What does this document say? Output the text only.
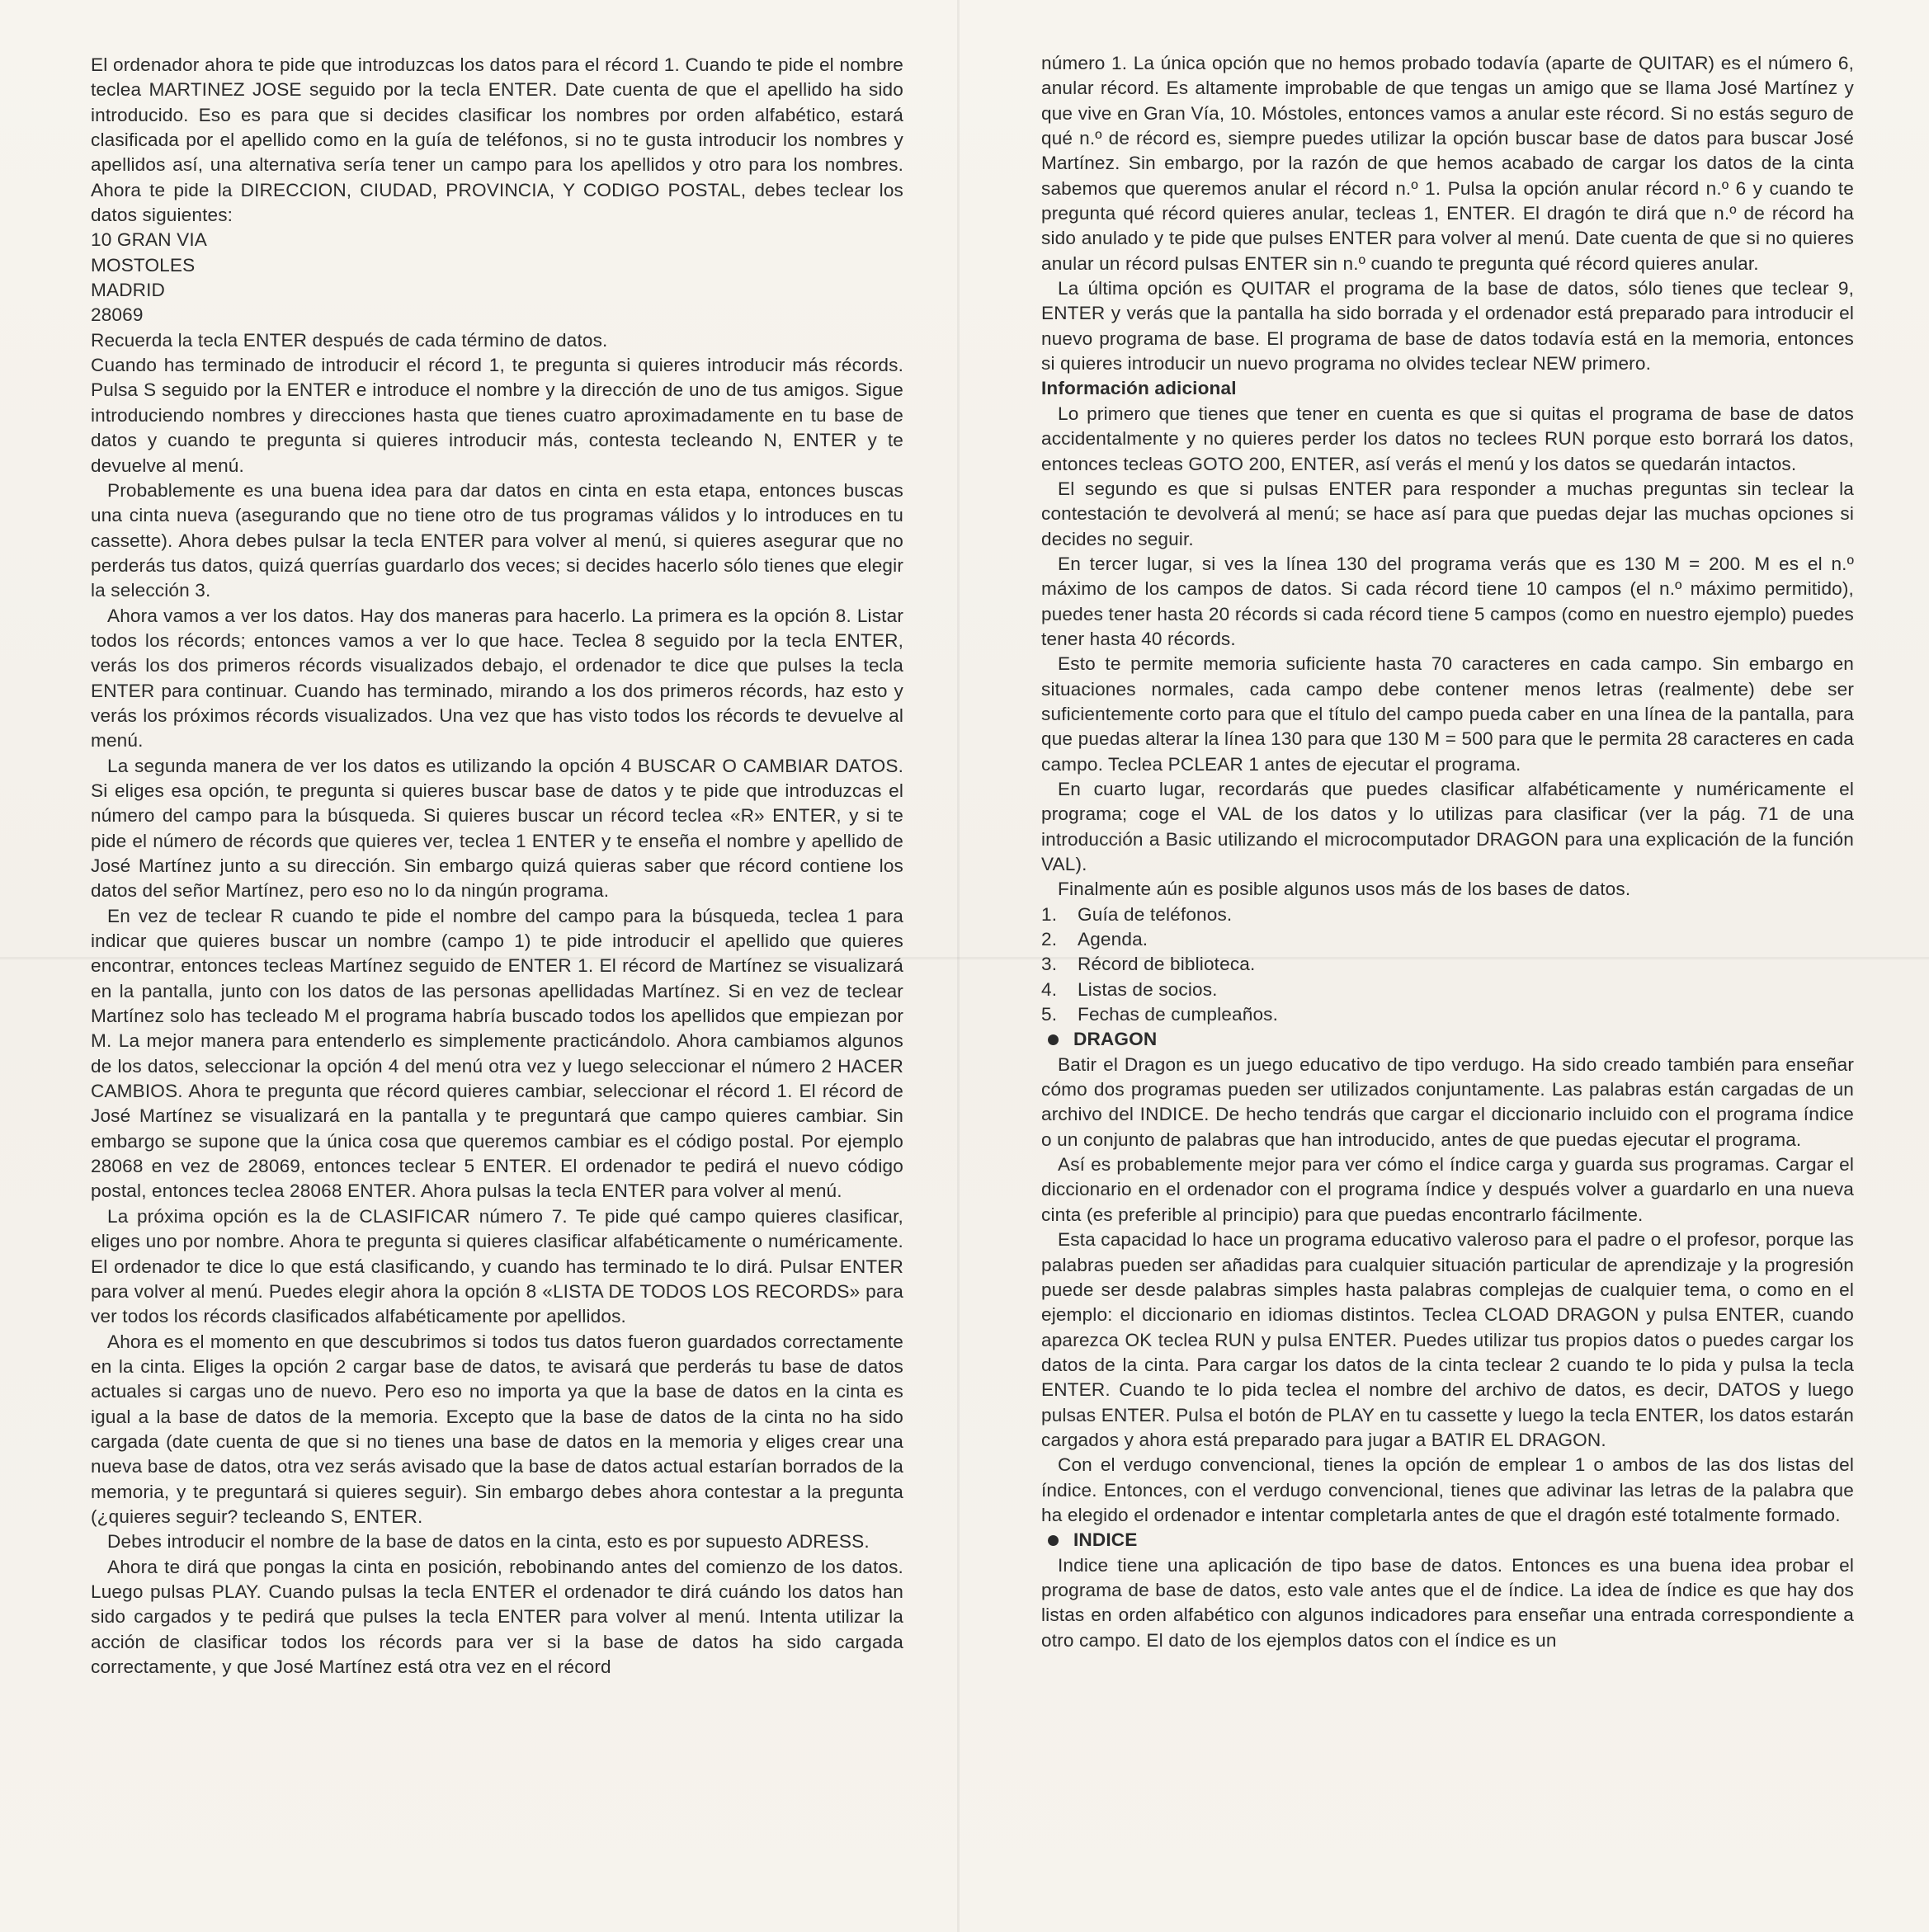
El ordenador ahora te pide que introduzcas los datos para el récord 1. Cuando te pide el nombre teclea MARTINEZ JOSE seguido por la tecla ENTER. Date cuenta de que el apellido ha sido introducido. Eso es para que si decides clasificar los nombres por orden alfabético, estará clasificada por el apellido como en la guía de teléfonos, si no te gusta introducir los nombres y apellidos así, una alternativa sería tener un campo para los apellidos y otro para los nombres. Ahora te pide la DIRECCION, CIUDAD, PROVINCIA, Y CODIGO POSTAL, debes teclear los datos siguientes:

10 GRAN VIA

MOSTOLES

MADRID

28069

Recuerda la tecla ENTER después de cada término de datos.

Cuando has terminado de introducir el récord 1, te pregunta si quieres introducir más récords. Pulsa S seguido por la ENTER e introduce el nombre y la dirección de uno de tus amigos. Sigue introduciendo nombres y direcciones hasta que tienes cuatro aproximadamente en tu base de datos y cuando te pregunta si quieres introducir más, contesta tecleando N, ENTER y te devuelve al menú.

Probablemente es una buena idea para dar datos en cinta en esta etapa, entonces buscas una cinta nueva (asegurando que no tiene otro de tus programas válidos y lo introduces en tu cassette). Ahora debes pulsar la tecla ENTER para volver al menú, si quieres asegurar que no perderás tus datos, quizá querrías guardarlo dos veces; si decides hacerlo sólo tienes que elegir la selección 3.

Ahora vamos a ver los datos. Hay dos maneras para hacerlo. La primera es la opción 8. Listar todos los récords; entonces vamos a ver lo que hace. Teclea 8 seguido por la tecla ENTER, verás los dos primeros récords visualizados debajo, el ordenador te dice que pulses la tecla ENTER para continuar. Cuando has terminado, mirando a los dos primeros récords, haz esto y verás los próximos récords visualizados. Una vez que has visto todos los récords te devuelve al menú.

La segunda manera de ver los datos es utilizando la opción 4 BUSCAR O CAMBIAR DATOS. Si eliges esa opción, te pregunta si quieres buscar base de datos y te pide que introduzcas el número del campo para la búsqueda. Si quieres buscar un récord teclea «R» ENTER, y si te pide el número de récords que quieres ver, teclea 1 ENTER y te enseña el nombre y apellido de José Martínez junto a su dirección. Sin embargo quizá quieras saber que récord contiene los datos del señor Martínez, pero eso no lo da ningún programa.

En vez de teclear R cuando te pide el nombre del campo para la búsqueda, teclea 1 para indicar que quieres buscar un nombre (campo 1) te pide introducir el apellido que quieres encontrar, entonces tecleas Martínez seguido de ENTER 1. El récord de Martínez se visualizará en la pantalla, junto con los datos de las personas apellidadas Martínez. Si en vez de teclear Martínez solo has tecleado M el programa habría buscado todos los apellidos que empiezan por M. La mejor manera para entenderlo es simplemente practicándolo. Ahora cambiamos algunos de los datos, seleccionar la opción 4 del menú otra vez y luego seleccionar el número 2 HACER CAMBIOS. Ahora te pregunta que récord quieres cambiar, seleccionar el récord 1. El récord de José Martínez se visualizará en la pantalla y te preguntará que campo quieres cambiar. Sin embargo se supone que la única cosa que queremos cambiar es el código postal. Por ejemplo 28068 en vez de 28069, entonces teclear 5 ENTER. El ordenador te pedirá el nuevo código postal, entonces teclea 28068 ENTER. Ahora pulsas la tecla ENTER para volver al menú.

La próxima opción es la de CLASIFICAR número 7. Te pide qué campo quieres clasificar, eliges uno por nombre. Ahora te pregunta si quieres clasificar alfabéticamente o numéricamente. El ordenador te dice lo que está clasificando, y cuando has terminado te lo dirá. Pulsar ENTER para volver al menú. Puedes elegir ahora la opción 8 «LISTA DE TODOS LOS RECORDS» para ver todos los récords clasificados alfabéticamente por apellidos.

Ahora es el momento en que descubrimos si todos tus datos fueron guardados correctamente en la cinta. Eliges la opción 2 cargar base de datos, te avisará que perderás tu base de datos actuales si cargas uno de nuevo. Pero eso no importa ya que la base de datos en la cinta es igual a la base de datos de la memoria. Excepto que la base de datos de la cinta no ha sido cargada (date cuenta de que si no tienes una base de datos en la memoria y eliges crear una nueva base de datos, otra vez serás avisado que la base de datos actual estarían borrados de la memoria, y te preguntará si quieres seguir). Sin embargo debes ahora contestar a la pregunta (¿quieres seguir? tecleando S, ENTER.

Debes introducir el nombre de la base de datos en la cinta, esto es por supuesto ADRESS.

Ahora te dirá que pongas la cinta en posición, rebobinando antes del comienzo de los datos. Luego pulsas PLAY. Cuando pulsas la tecla ENTER el ordenador te dirá cuándo los datos han sido cargados y te pedirá que pulses la tecla ENTER para volver al menú. Intenta utilizar la acción de clasificar todos los récords para ver si la base de datos ha sido cargada correctamente, y que José Martínez está otra vez en el récord

número 1. La única opción que no hemos probado todavía (aparte de QUITAR) es el número 6, anular récord. Es altamente improbable de que tengas un amigo que se llama José Martínez y que vive en Gran Vía, 10. Móstoles, entonces vamos a anular este récord. Si no estás seguro de qué n.º de récord es, siempre puedes utilizar la opción buscar base de datos para buscar José Martínez. Sin embargo, por la razón de que hemos acabado de cargar los datos de la cinta sabemos que queremos anular el récord n.º 1. Pulsa la opción anular récord n.º 6 y cuando te pregunta qué récord quieres anular, tecleas 1, ENTER. El dragón te dirá que n.º de récord ha sido anulado y te pide que pulses ENTER para volver al menú. Date cuenta de que si no quieres anular un récord pulsas ENTER sin n.º cuando te pregunta qué récord quieres anular.

La última opción es QUITAR el programa de la base de datos, sólo tienes que teclear 9, ENTER y verás que la pantalla ha sido borrada y el ordenador está preparado para introducir el nuevo programa de base. El programa de base de datos todavía está en la memoria, entonces si quieres introducir un nuevo programa no olvides teclear NEW primero.

Información adicional

Lo primero que tienes que tener en cuenta es que si quitas el programa de base de datos accidentalmente y no quieres perder los datos no teclees RUN porque esto borrará los datos, entonces tecleas GOTO 200, ENTER, así verás el menú y los datos se quedarán intactos.

El segundo es que si pulsas ENTER para responder a muchas preguntas sin teclear la contestación te devolverá al menú; se hace así para que puedas dejar las muchas opciones si decides no seguir.

En tercer lugar, si ves la línea 130 del programa verás que es 130 M = 200. M es el n.º máximo de los campos de datos. Si cada récord tiene 10 campos (el n.º máximo permitido), puedes tener hasta 20 récords si cada récord tiene 5 campos (como en nuestro ejemplo) puedes tener hasta 40 récords.

Esto te permite memoria suficiente hasta 70 caracteres en cada campo. Sin embargo en situaciones normales, cada campo debe contener menos letras (realmente) debe ser suficientemente corto para que el título del campo pueda caber en una línea de la pantalla, para que puedas alterar la línea 130 para que 130 M = 500 para que le permita 28 caracteres en cada campo. Teclea PCLEAR 1 antes de ejecutar el programa.

En cuarto lugar, recordarás que puedes clasificar alfabéticamente y numéricamente el programa; coge el VAL de los datos y lo utilizas para clasificar (ver la pág. 71 de una introducción a Basic utilizando el microcomputador DRAGON para una explicación de la función VAL).

Finalmente aún es posible algunos usos más de los bases de datos.

1.	Guía de teléfonos.
2.	Agenda.
3.	Récord de biblioteca.
4.	Listas de socios.
5.	Fechas de cumpleaños.

DRAGON

Batir el Dragon es un juego educativo de tipo verdugo. Ha sido creado también para enseñar cómo dos programas pueden ser utilizados conjuntamente. Las palabras están cargadas de un archivo del INDICE. De hecho tendrás que cargar el diccionario incluido con el programa índice o un conjunto de palabras que han introducido, antes de que puedas ejecutar el programa.

Así es probablemente mejor para ver cómo el índice carga y guarda sus programas. Cargar el diccionario en el ordenador con el programa índice y después volver a guardarlo en una nueva cinta (es preferible al principio) para que puedas encontrarlo fácilmente.

Esta capacidad lo hace un programa educativo valeroso para el padre o el profesor, porque las palabras pueden ser añadidas para cualquier situación particular de aprendizaje y la progresión puede ser desde palabras simples hasta palabras complejas de cualquier tema, o como en el ejemplo: el diccionario en idiomas distintos. Teclea CLOAD DRAGON y pulsa ENTER, cuando aparezca OK teclea RUN y pulsa ENTER. Puedes utilizar tus propios datos o puedes cargar los datos de la cinta. Para cargar los datos de la cinta teclear 2 cuando te lo pida y pulsa la tecla ENTER. Cuando te lo pida teclea el nombre del archivo de datos, es decir, DATOS y luego pulsas ENTER. Pulsa el botón de PLAY en tu cassette y luego la tecla ENTER, los datos estarán cargados y ahora está preparado para jugar a BATIR EL DRAGON.

Con el verdugo convencional, tienes la opción de emplear 1 o ambos de las dos listas del índice. Entonces, con el verdugo convencional, tienes que adivinar las letras de la palabra que ha elegido el ordenador e intentar completarla antes de que el dragón esté totalmente formado.

INDICE

Indice tiene una aplicación de tipo base de datos. Entonces es una buena idea probar el programa de base de datos, esto vale antes que el de índice. La idea de índice es que hay dos listas en orden alfabético con algunos indicadores para enseñar una entrada correspondiente a otro campo. El dato de los ejemplos datos con el índice es un
